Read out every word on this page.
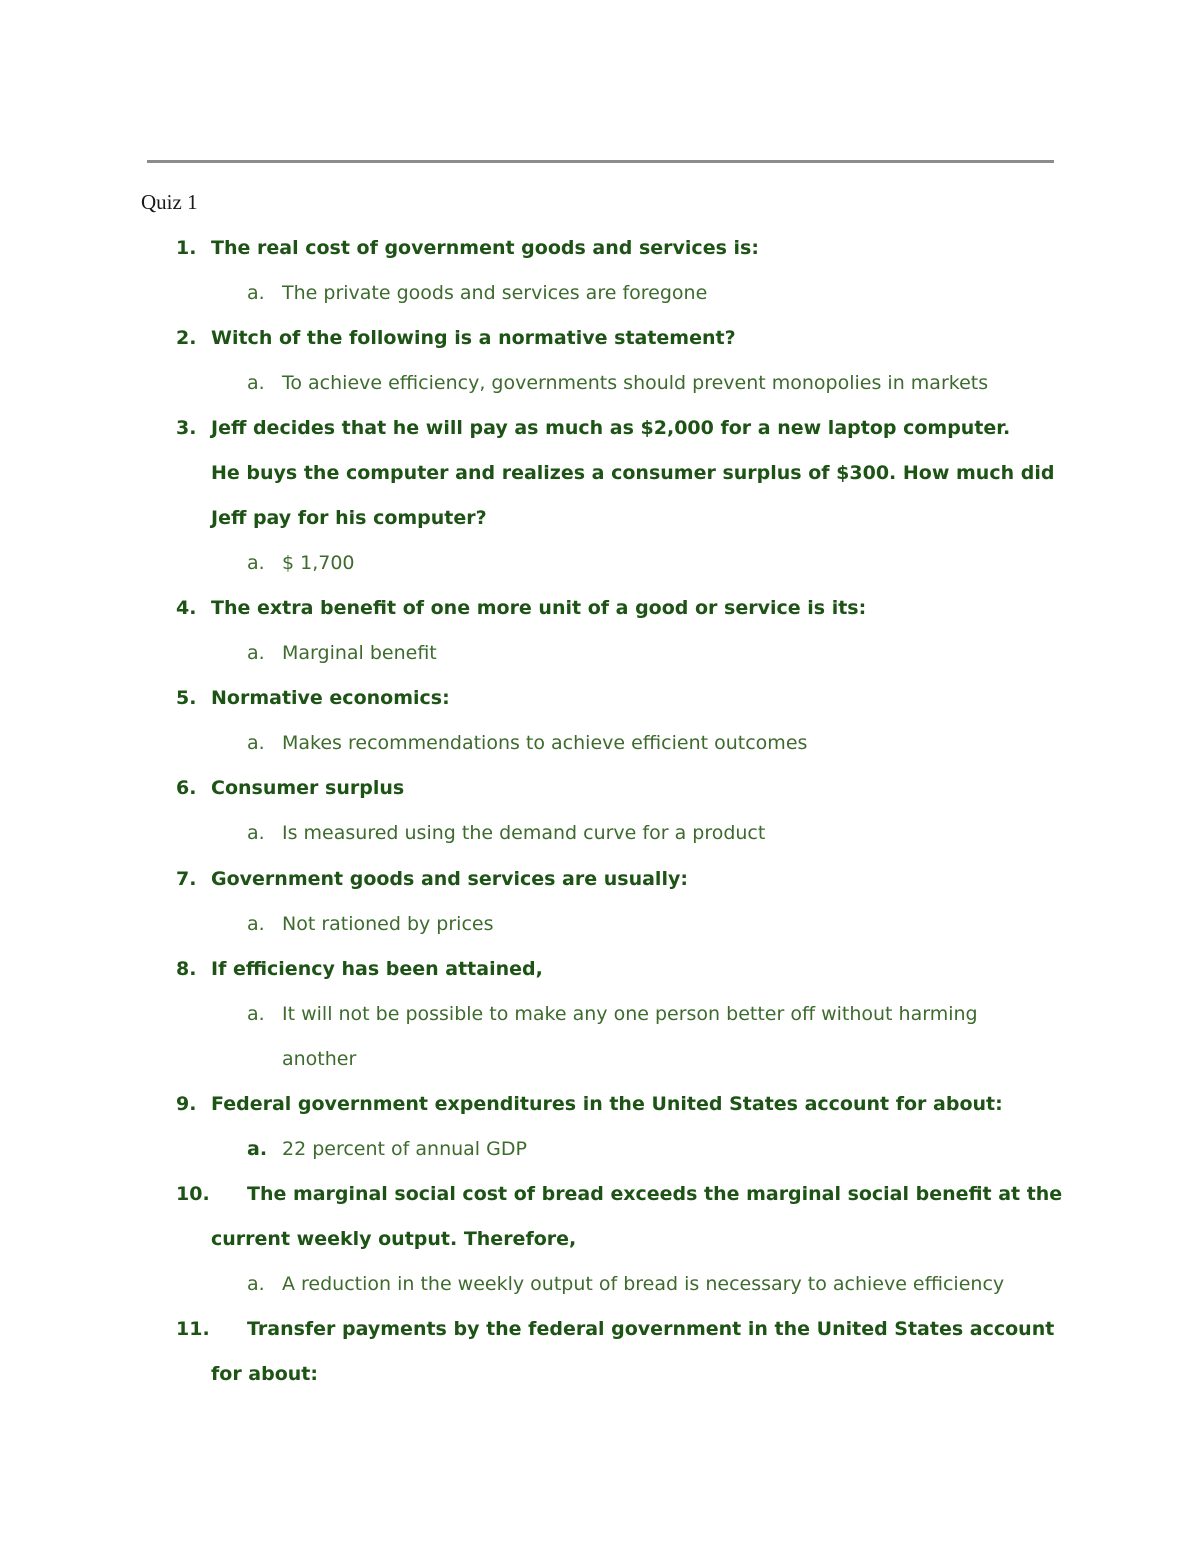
Quiz 1
1. The real cost of government goods and services is:
a. The private goods and services are foregone
2. Witch of the following is a normative statement?
a. To achieve efficiency, governments should prevent monopolies in markets
3. Jeff decides that he will pay as much as $2,000 for a new laptop computer.
He buys the computer and realizes a consumer surplus of $300. How much did
Jeff pay for his computer?
a. $ 1,700
4. The extra benefit of one more unit of a good or service is its:
a. Marginal benefit
5. Normative economics:
a. Makes recommendations to achieve efficient outcomes
6. Consumer surplus
a. Is measured using the demand curve for a product
7. Government goods and services are usually:
a. Not rationed by prices
8. If efficiency has been attained,
a. It will not be possible to make any one person better off without harming
another
9. Federal government expenditures in the United States account for about:
a. 22 percent of annual GDP
10. The marginal social cost of bread exceeds the marginal social benefit at the
current weekly output. Therefore,
a. A reduction in the weekly output of bread is necessary to achieve efficiency
11. Transfer payments by the federal government in the United States account
for about:
